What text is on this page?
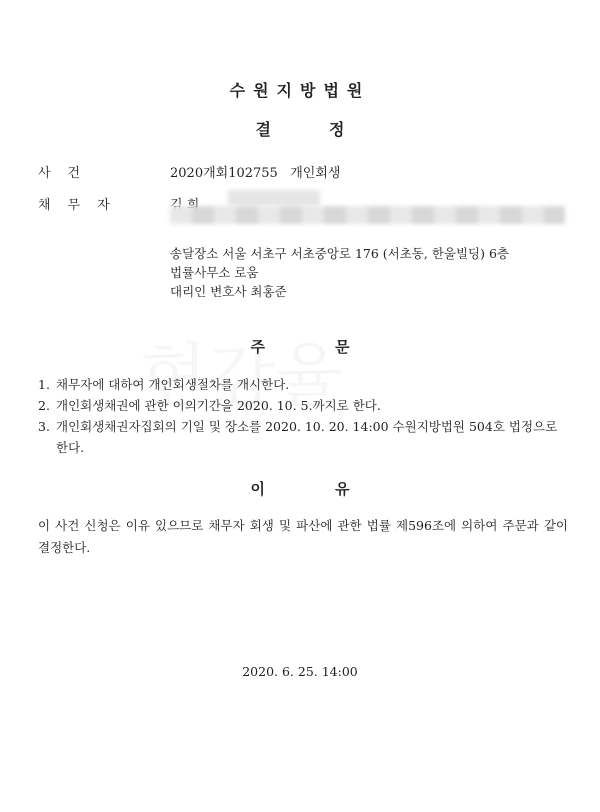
수원지방법원
결정
사건	2020개회102755 개인회생
채무자
송달장소 서울 서초구 서초중앙로 176 (서초동, 한울빌딩) 6층
법률사무소 로움
대리인 변호사 최홍준
주문
1. 채무자에 대하여 개인회생절차를 개시한다.
2. 개인회생채권에 관한 이의기간을 2020. 10. 5.까지로 한다.
3. 개인회생채권자집회의 기일 및 장소를 2020. 10. 20. 14:00 수원지방법원 504호 법정으로 한다.
이유
이 사건 신청은 이유 있으므로 채무자 회생 및 파산에 관한 법률 제596조에 의하여 주문과 같이 결정한다.
2020. 6. 25. 14:00
